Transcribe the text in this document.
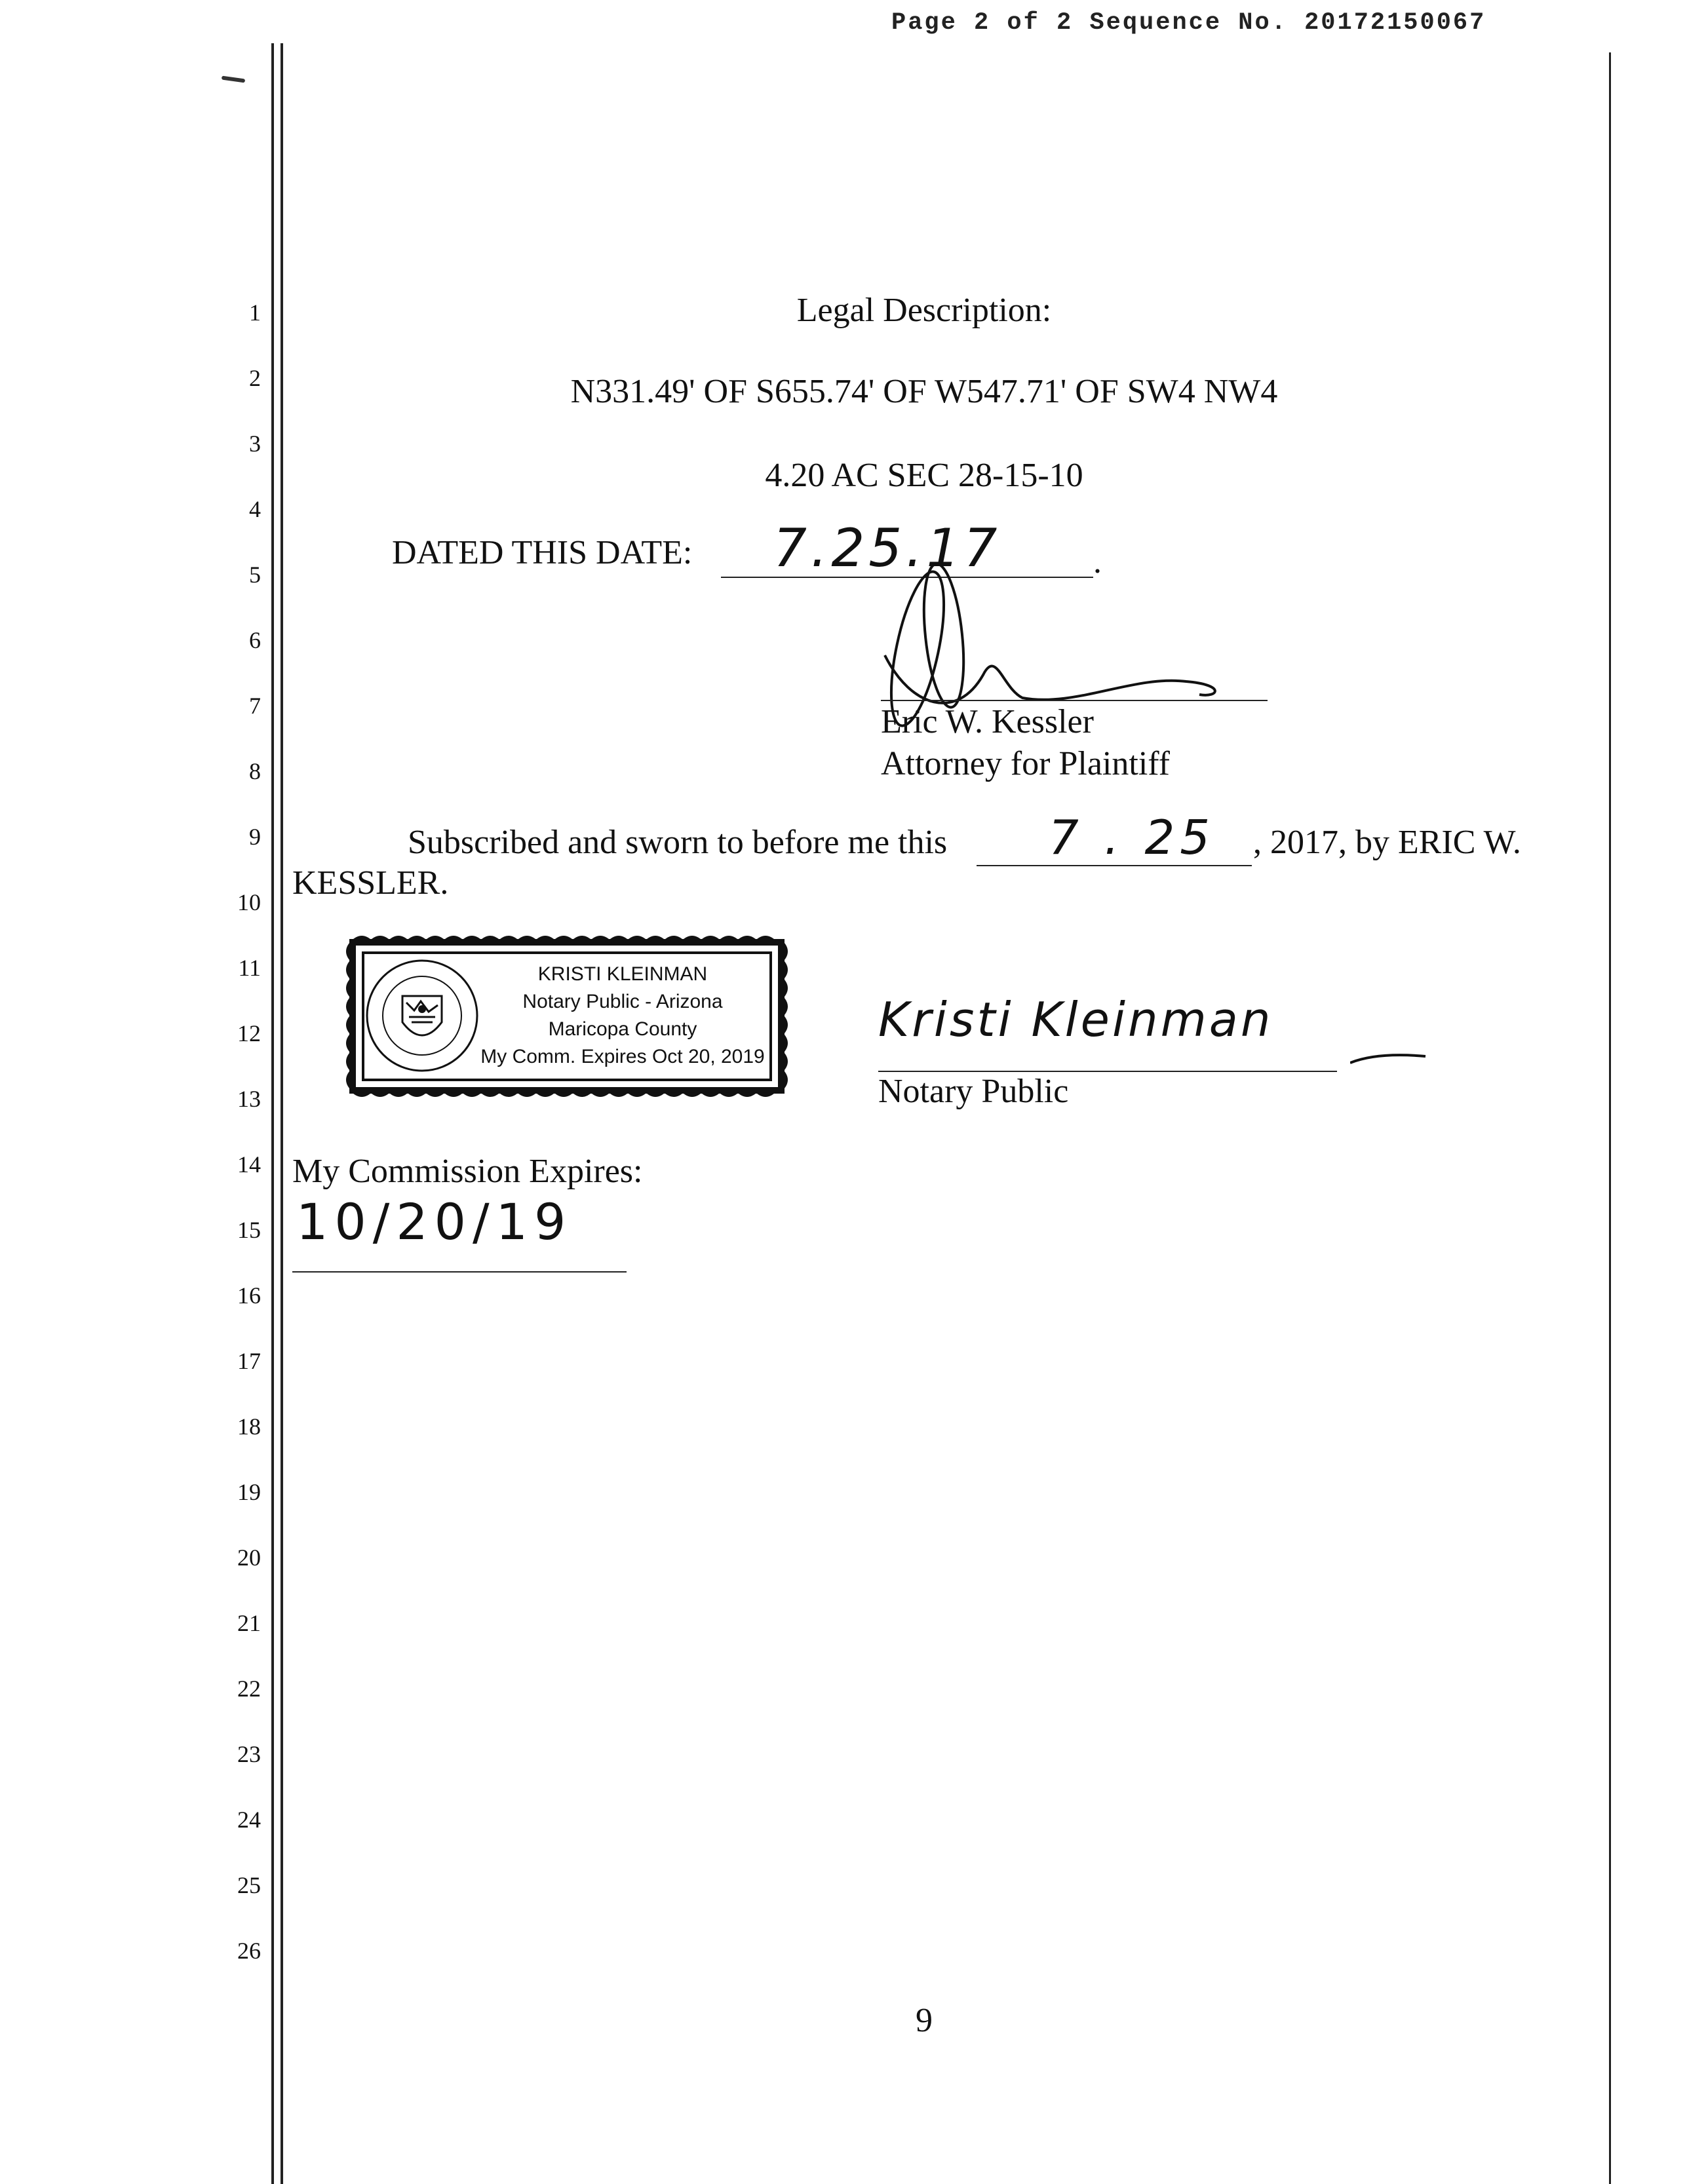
Page 2 of 2 Sequence No. 20172150067
1
2
3
4
5
6
7
8
9
10
11
12
13
14
15
16
17
18
19
20
21
22
23
24
25
26
Legal Description:
N331.49' OF S655.74' OF W547.71' OF SW4 NW4
4.20 AC SEC 28-15-10
DATED THIS DATE: 7.25.17	.
Eric W. Kessler
Attorney for Plaintiff
Subscribed and sworn to before me this 7 . 25 , 2017, by ERIC W.
KESSLER.
KRISTI KLEINMAN
Notary Public - Arizona
Maricopa County
My Comm. Expires Oct 20, 2019
Kristi Kleinman
Notary Public
My Commission Expires:
10/20/19
9
